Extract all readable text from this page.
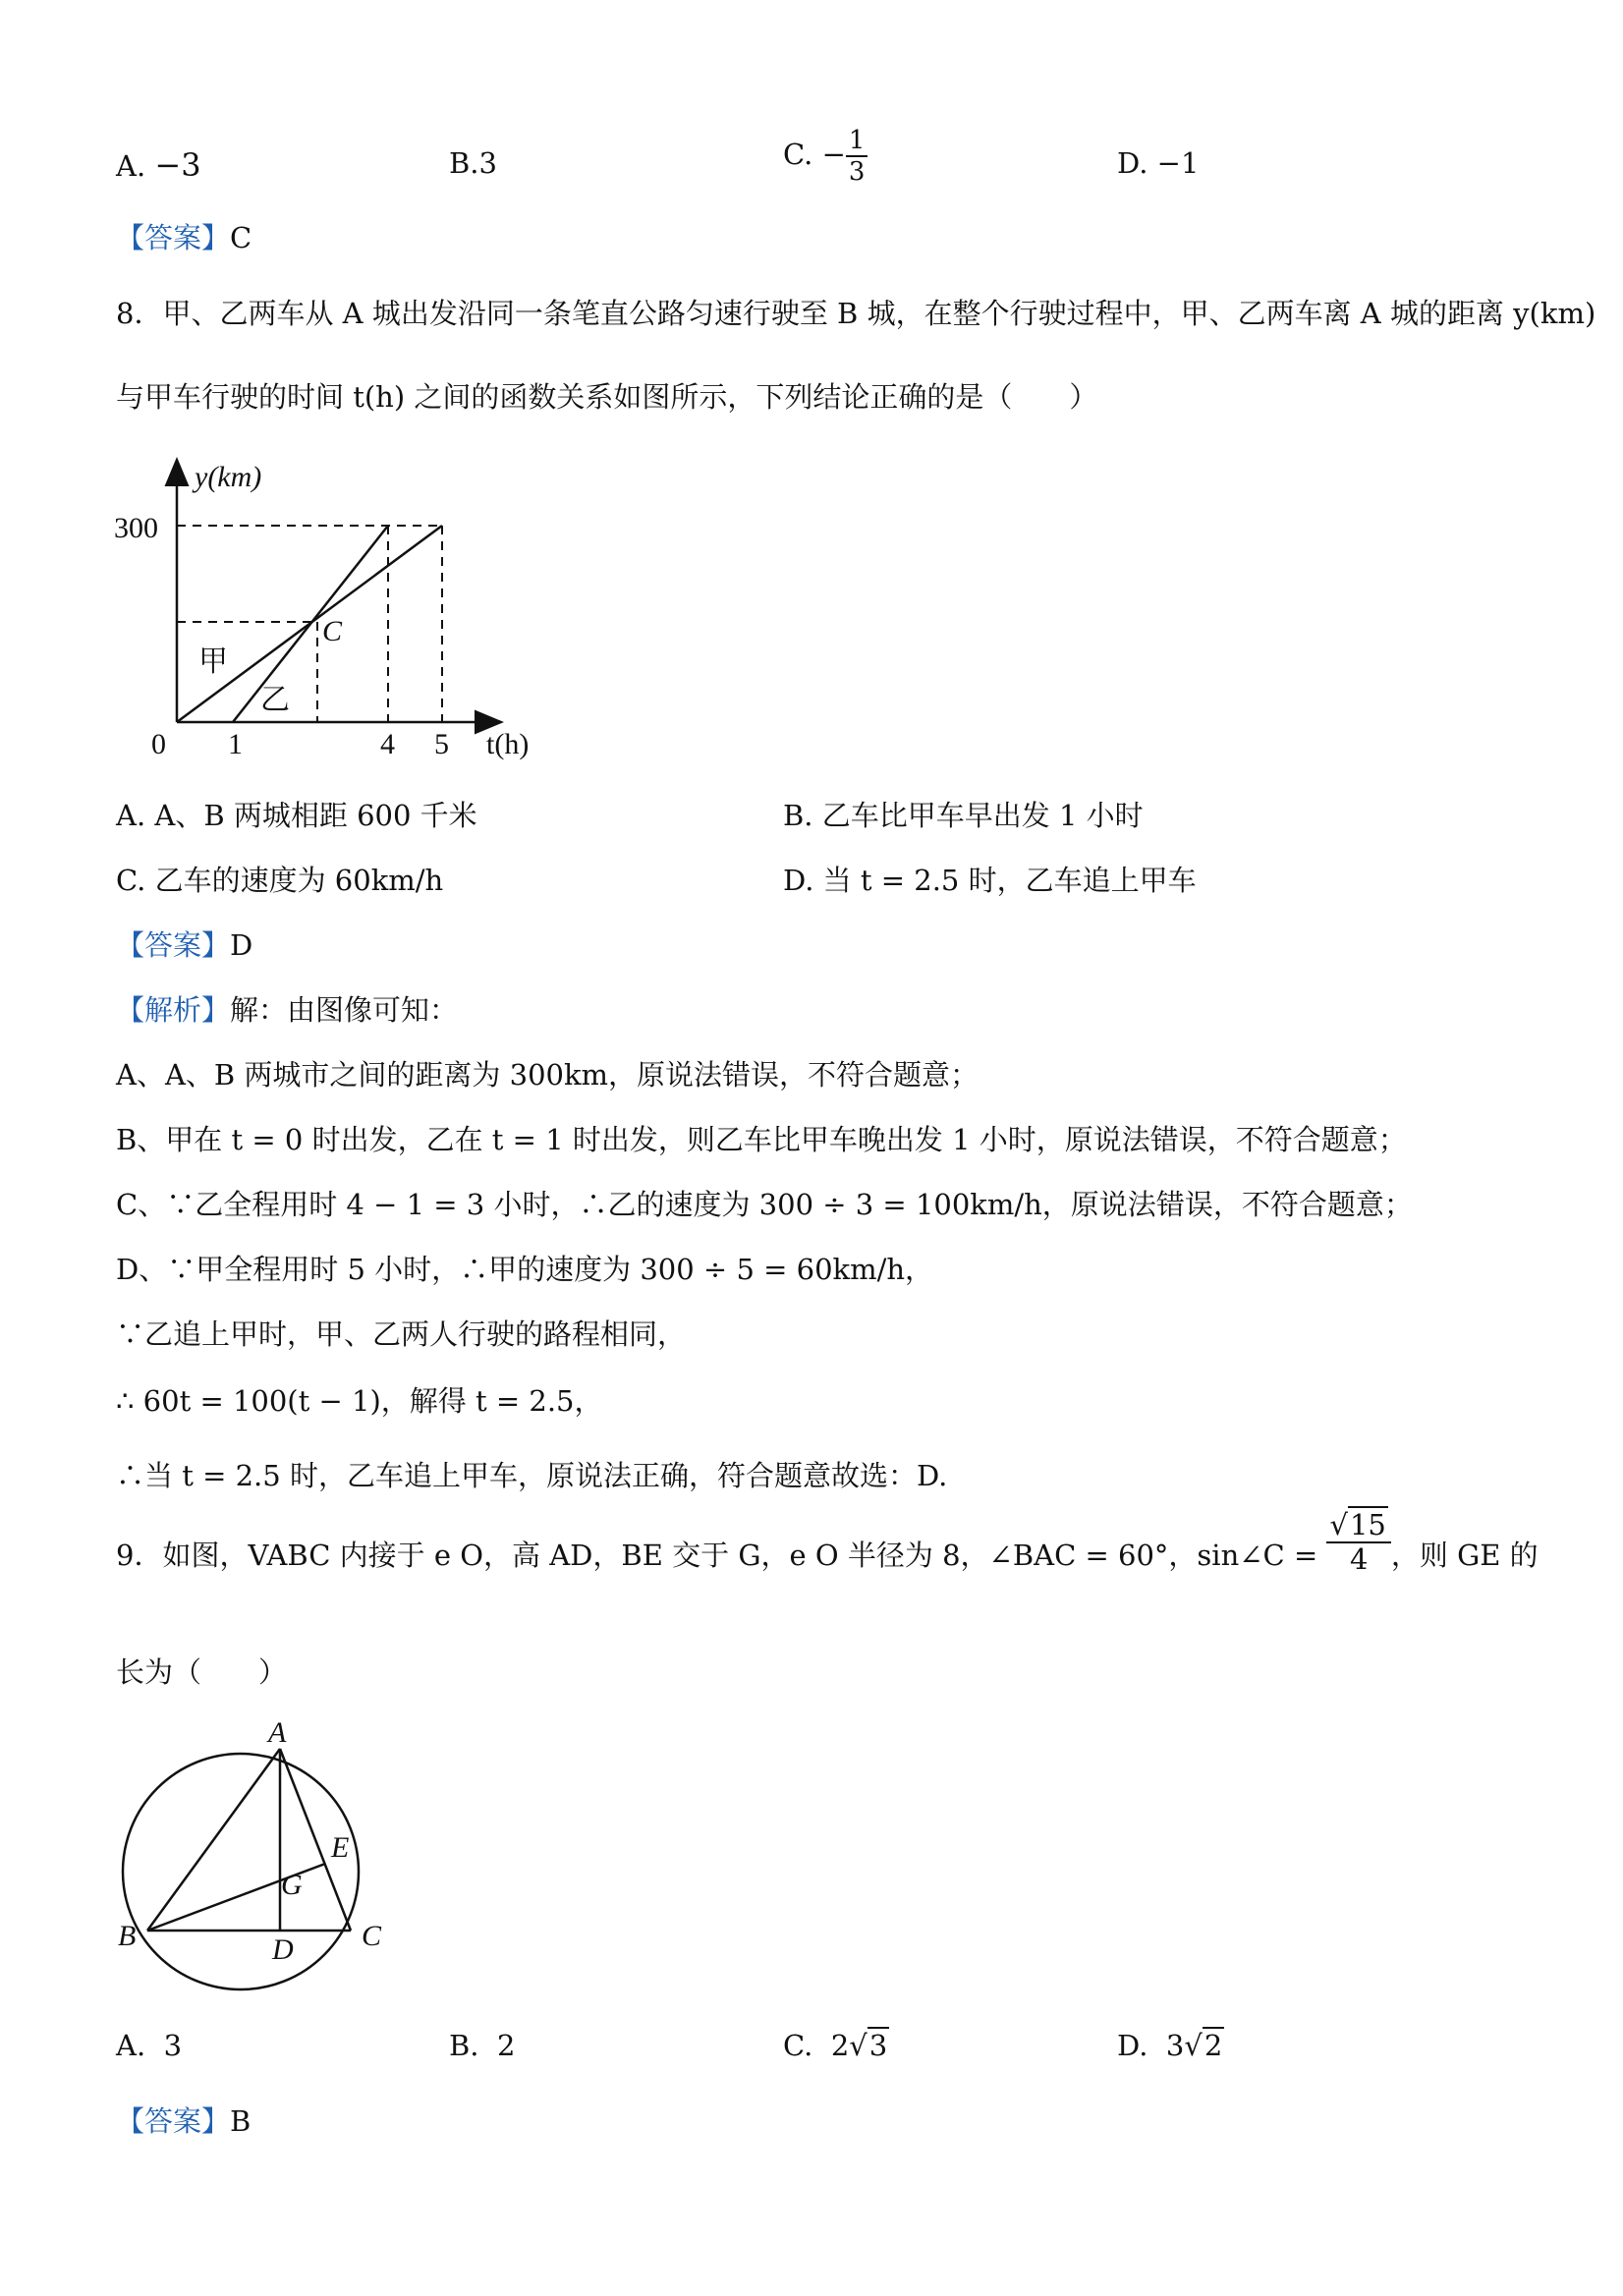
A. −3	B.3	C. − $\frac{1}{3}$	D. −1
【答案】C
8．甲、乙两车从 A 城出发沿同一条笔直公路匀速行驶至 B 城，在整个行驶过程中，甲、乙两车离 A 城的距离 y(km)
与甲车行驶的时间 t(h) 之间的函数关系如图所示，下列结论正确的是（　　）
y(km)
300
0 1	4 5 t(h)
C
甲
乙
A. A、B 两城相距 600 千米	B. 乙车比甲车早出发 1 小时
C. 乙车的速度为 60km/h	D. 当 t = 2.5 时，乙车追上甲车
【答案】D
【解析】解：由图像可知：
A、A、B 两城市之间的距离为 300km，原说法错误，不符合题意；
B、甲在 t = 0 时出发，乙在 t = 1 时出发，则乙车比甲车晚出发 1 小时，原说法错误，不符合题意；
C、∵乙全程用时 4 − 1 = 3 小时，∴乙的速度为 300 ÷ 3 = 100km/h，原说法错误，不符合题意；
D、∵甲全程用时 5 小时，∴甲的速度为 300 ÷ 5 = 60km/h，
∵乙追上甲时，甲、乙两人行驶的路程相同，
∴ 60t = 100(t − 1)，解得 t = 2.5，
∴当 t = 2.5 时，乙车追上甲车，原说法正确，符合题意故选：D.
9．如图，VABC 内接于 e O，高 AD，BE 交于 G，e O 半径为 8，∠BAC = 60°，sin∠C = $\frac{√15}{4}$ ，则 GE 的
长为（　　）
A
B	C
D
E
G
A. 3	B. 2	C. 2√3	D. 3√2
【答案】B
